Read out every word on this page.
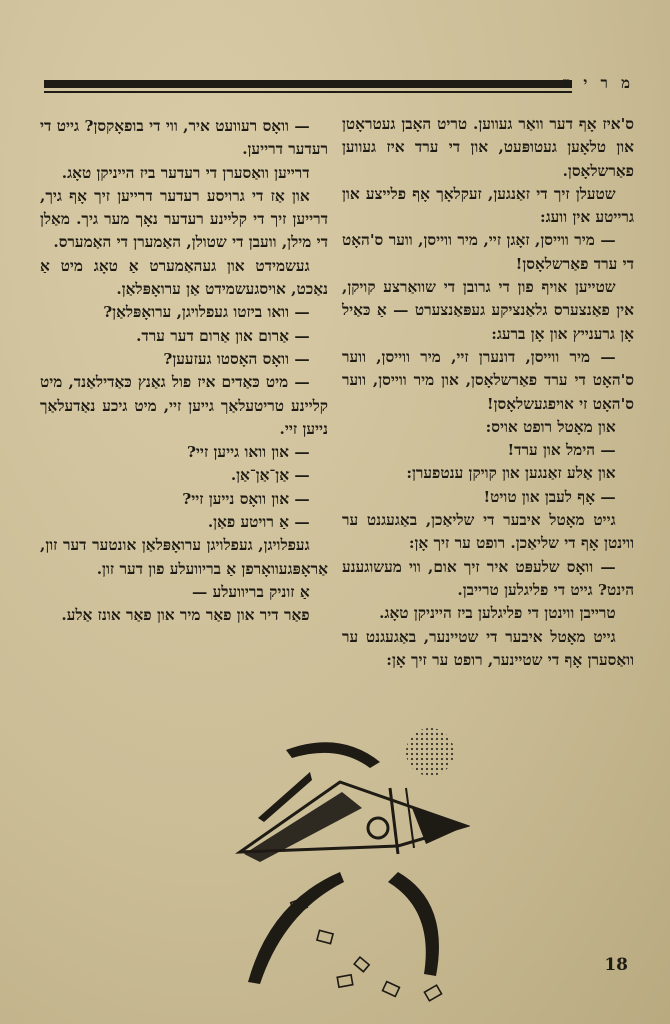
מ ר י ד

ס'איז אָף דער וואַר געווען. טריט האָבן געטראָטן און טלאָען געטופּעט, און די ערד איז געווען פאַרשלאָסן.

שטעלן זיך די זאַנגען, זעקלאָך אָף פלייצע און גרייטע אין וועג:

— מיר ווייסן, זאָגן זיי, מיר ווייסן, ווער ס'האָט די ערד פאַרשלאָסן!

שטייען אויף פון די גרובן די שוואַרצע קויקן, אין פאַנצערס גלאַנציקע געפּאַנצערט — אַ כּאַיל אָן גרענייץ און אָן ברעג:

— מיר ווייסן, דונערן זיי, מיר ווייסן, ווער ס'האָט די ערד פאַרשלאָסן, און מיר ווייסן, ווער ס'האָט זי אויפגעשלאָסן!

און מאָטל רופט אויס:

— הימל און ערד!

און אַלע זאַנגען און קויקן ענטפערן:

— אָף לעבן און טויט!

גייט מאָטל איבער די שליאַכן, באַגעגנט ער ווינטן אָף די שליאַכן. רופט ער זיך אָן:

— וואָס שלעפּט איר זיך אום, ווי מעשוגענע הינט? גייט די פליגלען טרייבן.

טרייבן ווינטן די פליגלען ביז הייניקן טאָג.

גייט מאָטל איבער די שטיינער, באַגעגנט ער וואַסערן אָף די שטיינער, רופט ער זיך אָן:

— וואָס רעוועט איר, ווי די בופאָקסן? גייט די רעדער דרייען.

דרייען וואַסערן די רעדער ביז הייניקן טאָג.

און אַז די גרויסע רעדער דרייען זיך אָף גיך, דרייען זיך די קליינע רעדער נאָך מער גיך. מאַלן די מילן, וועבן די שטולן, האַמערן די האַמערס.

געשמידט און געהאַמערט אַ טאָג מיט אַ נאַכט, אויסגעשמידט אַן ערואָפּלאַן.

— וואו ביזטו געפלויגן, ערואָפּלאַן?

— אַרום און אַרום דער ערד.

— וואָס האָסטו געזעען?

— מיט כּאַדים איז פול גאַנץ כּאַדילאַנד, מיט קליינע טריטעלאַך גייען זיי, מיט גיכע נאַדעלאַך נייען זיי.

— און וואו גייען זיי?

— אַן־אַן־אַן.

— און וואָס נייען זיי?

— אַ רויטע פאַן.

געפלויגן, געפלויגן ערואָפּלאַן אונטער דער זון, אַראָפּגעוואָרפן אַ בריוועלע פון דער זון.

אַ זוניק בריוועלע —

פאַר דיר און פאַר מיר און פאַר אונז אַלע.

18
